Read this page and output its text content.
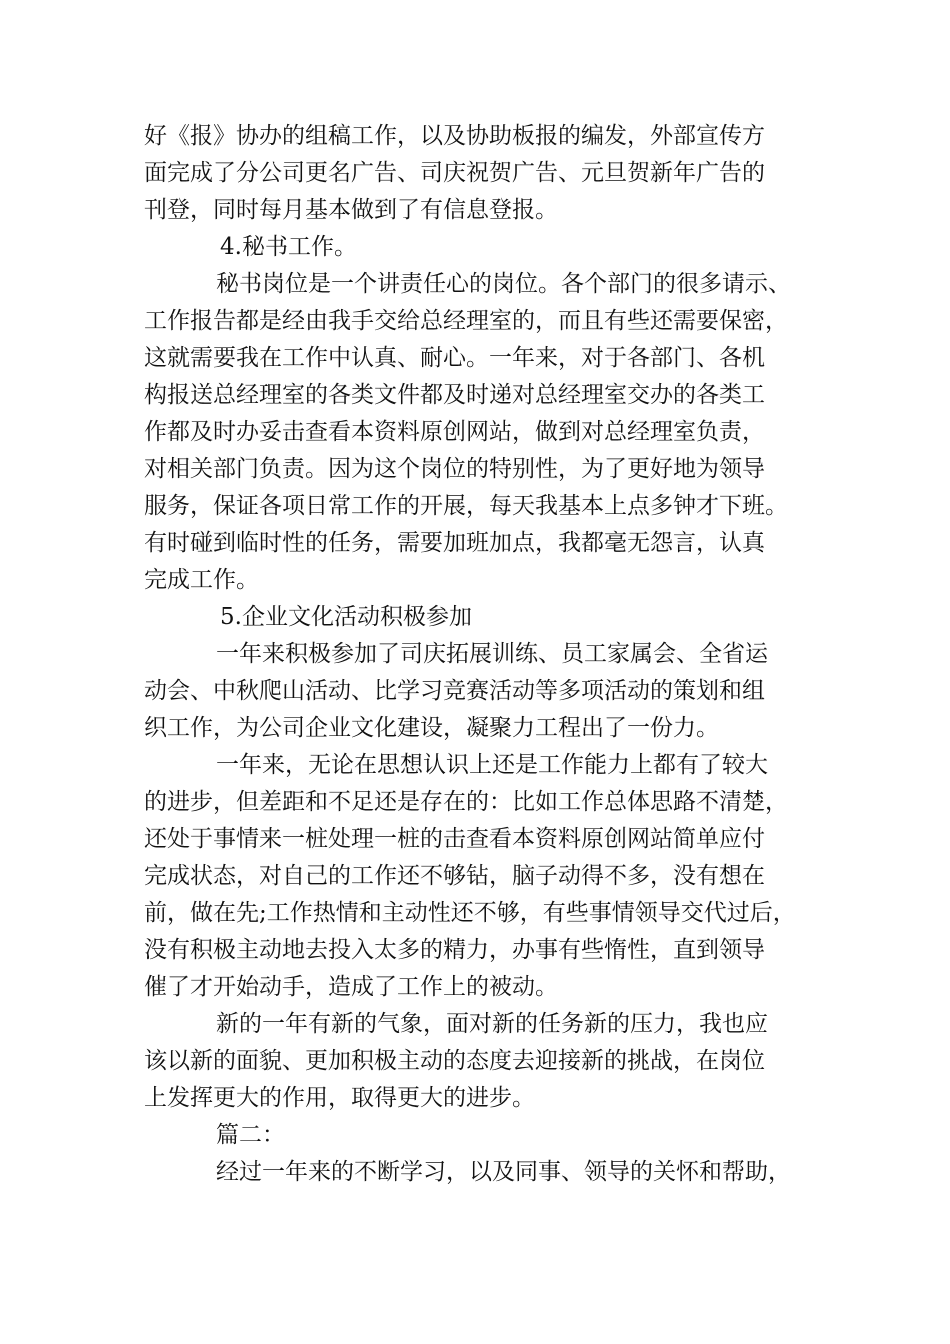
好《报》协办的组稿工作，以及协助板报的编发，外部宣传方
面完成了分公司更名广告、司庆祝贺广告、元旦贺新年广告的
刊登，同时每月基本做到了有信息登报。
4.秘书工作。
秘书岗位是一个讲责任心的岗位。各个部门的很多请示、
工作报告都是经由我手交给总经理室的，而且有些还需要保密，
这就需要我在工作中认真、耐心。一年来，对于各部门、各机
构报送总经理室的各类文件都及时递对总经理室交办的各类工
作都及时办妥击查看本资料原创网站，做到对总经理室负责，
对相关部门负责。因为这个岗位的特别性，为了更好地为领导
服务，保证各项日常工作的开展，每天我基本上点多钟才下班。
有时碰到临时性的任务，需要加班加点，我都毫无怨言，认真
完成工作。
5.企业文化活动积极参加
一年来积极参加了司庆拓展训练、员工家属会、全省运
动会、中秋爬山活动、比学习竞赛活动等多项活动的策划和组
织工作，为公司企业文化建设，凝聚力工程出了一份力。
一年来，无论在思想认识上还是工作能力上都有了较大
的进步，但差距和不足还是存在的：比如工作总体思路不清楚，
还处于事情来一桩处理一桩的击查看本资料原创网站简单应付
完成状态，对自己的工作还不够钻，脑子动得不多，没有想在
前，做在先;工作热情和主动性还不够，有些事情领导交代过后，
没有积极主动地去投入太多的精力，办事有些惰性，直到领导
催了才开始动手，造成了工作上的被动。
新的一年有新的气象，面对新的任务新的压力，我也应
该以新的面貌、更加积极主动的态度去迎接新的挑战，在岗位
上发挥更大的作用，取得更大的进步。
篇二：
经过一年来的不断学习，以及同事、领导的关怀和帮助，
